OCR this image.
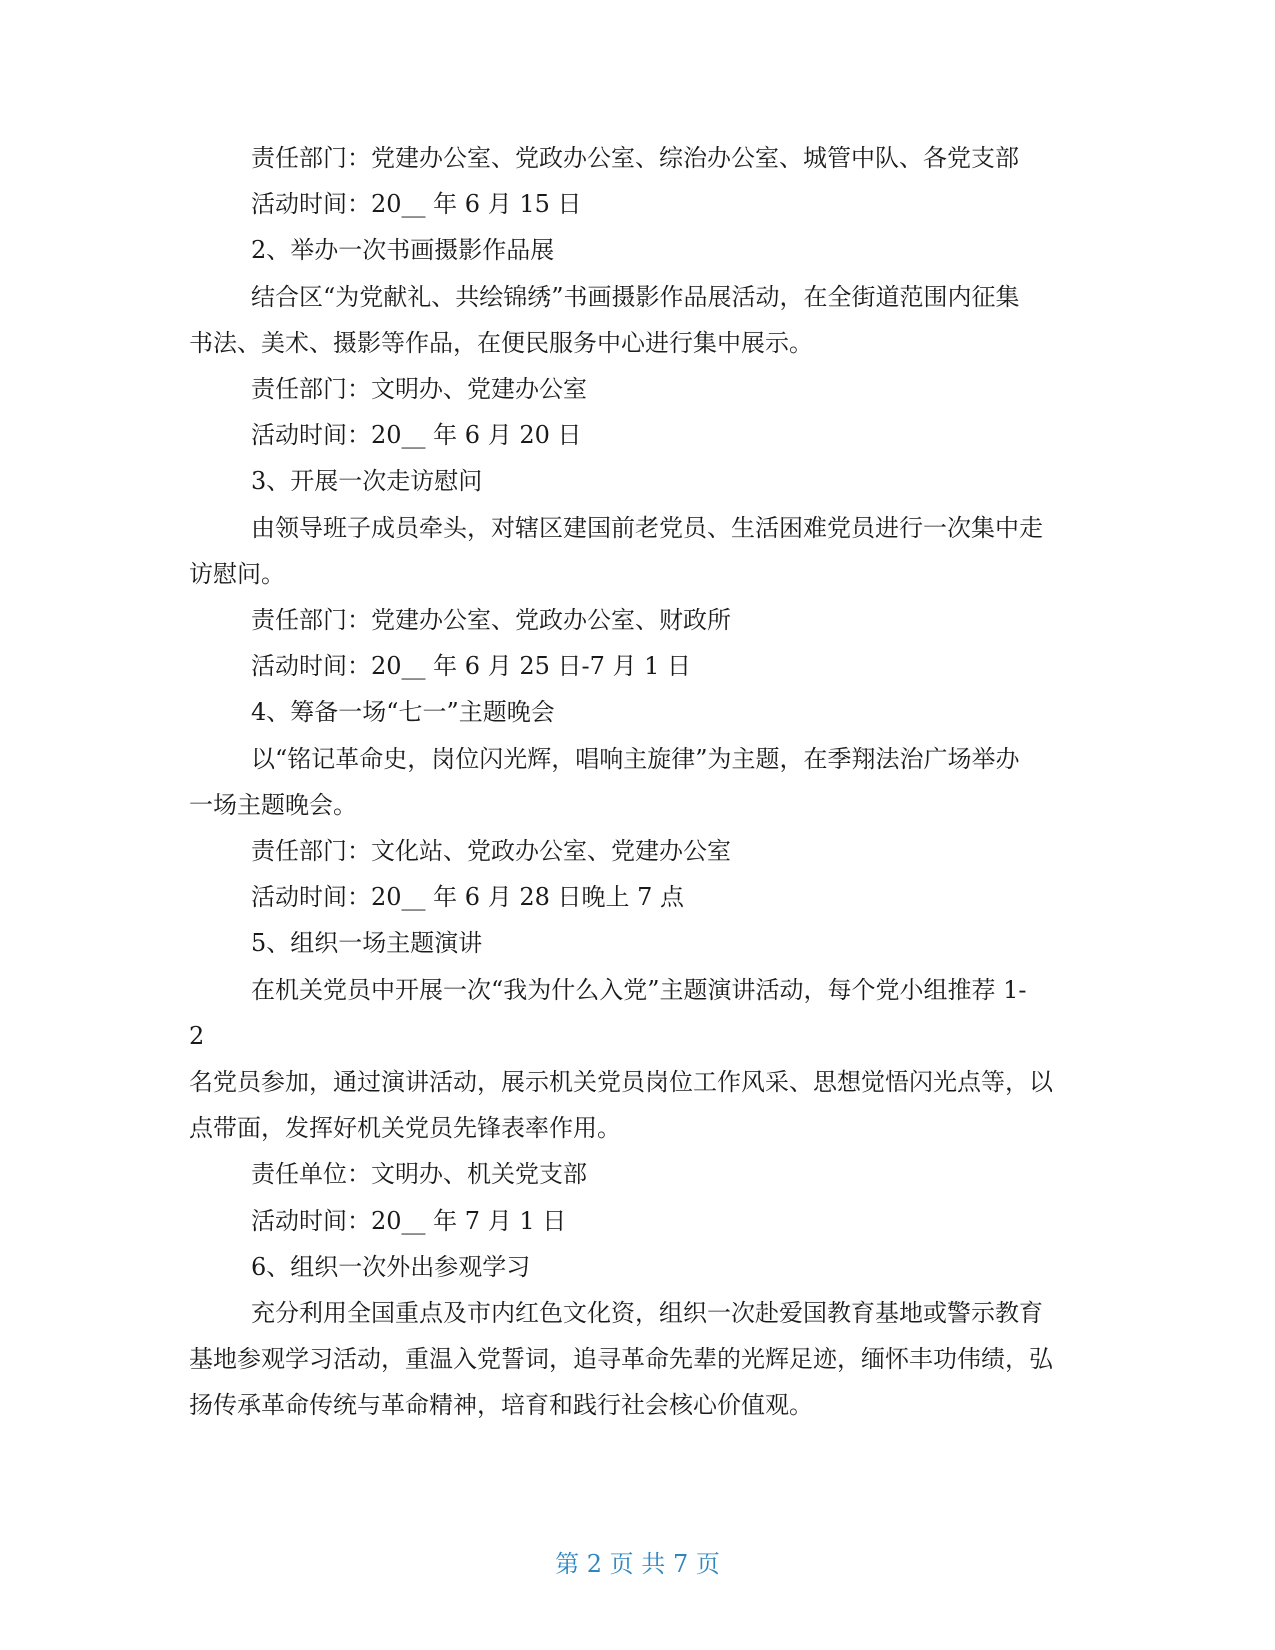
责任部门：党建办公室、党政办公室、综治办公室、城管中队、各党支部
活动时间：20__ 年 6 月 15 日
2、举办一次书画摄影作品展
结合区“为党献礼、共绘锦绣”书画摄影作品展活动，在全街道范围内征集
书法、美术、摄影等作品，在便民服务中心进行集中展示。
责任部门：文明办、党建办公室
活动时间：20__ 年 6 月 20 日
3、开展一次走访慰问
由领导班子成员牵头，对辖区建国前老党员、生活困难党员进行一次集中走
访慰问。
责任部门：党建办公室、党政办公室、财政所
活动时间：20__ 年 6 月 25 日-7 月 1 日
4、筹备一场“七一”主题晚会
以“铭记革命史，岗位闪光辉，唱响主旋律”为主题，在季翔法治广场举办
一场主题晚会。
责任部门：文化站、党政办公室、党建办公室
活动时间：20__ 年 6 月 28 日晚上 7 点
5、组织一场主题演讲
在机关党员中开展一次“我为什么入党”主题演讲活动，每个党小组推荐 1-
2
名党员参加，通过演讲活动，展示机关党员岗位工作风采、思想觉悟闪光点等，以
点带面，发挥好机关党员先锋表率作用。
责任单位：文明办、机关党支部
活动时间：20__ 年 7 月 1 日
6、组织一次外出参观学习
充分利用全国重点及市内红色文化资，组织一次赴爱国教育基地或警示教育
基地参观学习活动，重温入党誓词，追寻革命先辈的光辉足迹，缅怀丰功伟绩，弘
扬传承革命传统与革命精神，培育和践行社会核心价值观。
第 2 页 共 7 页
